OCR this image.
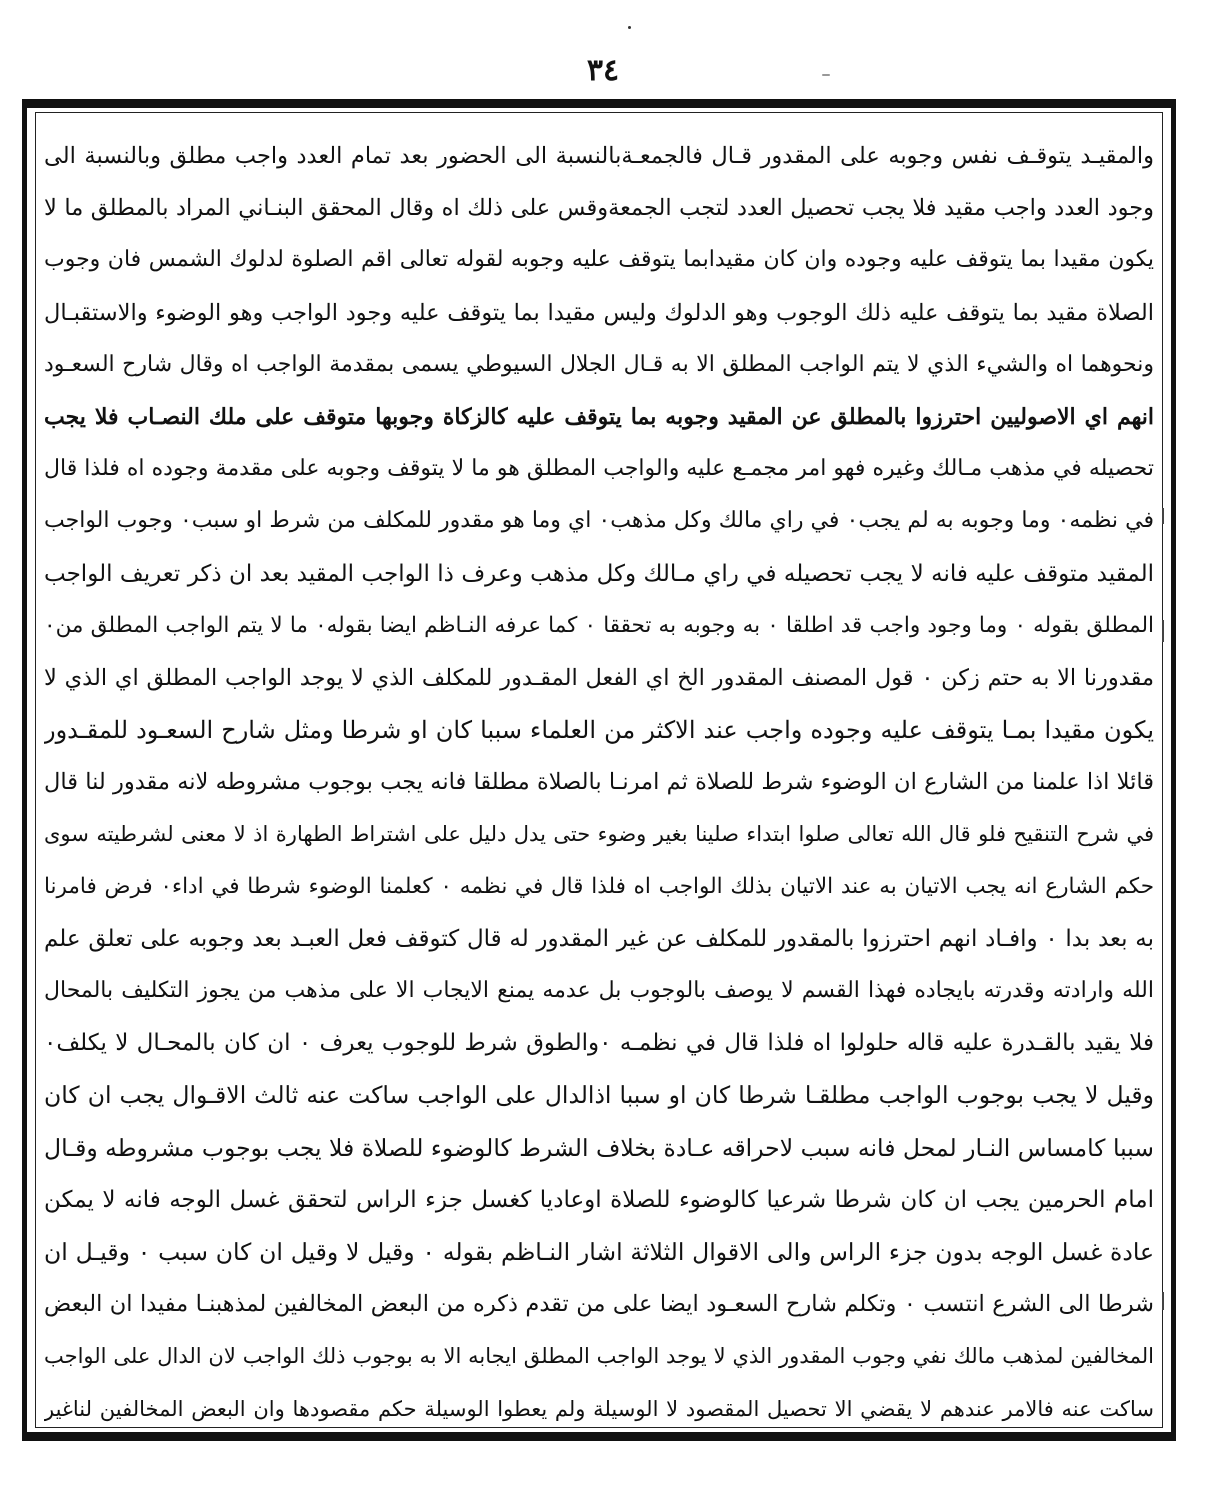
٣٤
والمقيـد يتوقـف نفس وجوبه على المقدور قـال فالجمعـةبالنسبة الى الحضور بعد تمام العدد واجب مطلق وبالنسبة الى
وجود العدد واجب مقيد فلا يجب تحصيل العدد لتجب الجمعةوقس على ذلك اه وقال المحقق البنـاني المراد بالمطلق ما لا
يكون مقيدا بما يتوقف عليه وجوده وان كان مقيدابما يتوقف عليه وجوبه لقوله تعالى اقم الصلوة لدلوك الشمس فان وجوب
الصلاة مقيد بما يتوقف عليه ذلك الوجوب وهو الدلوك وليس مقيدا بما يتوقف عليه وجود الواجب وهو الوضوء والاستقبـال
ونحوهما اه والشيء الذي لا يتم الواجب المطلق الا به قـال الجلال السيوطي يسمى بمقدمة الواجب اه وقال شارح السعـود
انهم اي الاصوليين احترزوا بالمطلق عن المقيد وجوبه بما يتوقف عليه كالزكاة وجوبها متوقف على ملك النصـاب فلا يجب
تحصيله في مذهب مـالك وغيره فهو امر مجمـع عليه والواجب المطلق هو ما لا يتوقف وجوبه على مقدمة وجوده اه فلذا قال
في نظمه٠ وما وجوبه به لم يجب٠ في راي مالك وكل مذهب٠ اي وما هو مقدور للمكلف من شرط او سبب٠ وجوب الواجب
المقيد متوقف عليه فانه لا يجب تحصيله في راي مـالك وكل مذهب وعرف ذا الواجب المقيد بعد ان ذكر تعريف الواجب
المطلق بقوله ٠ وما وجود واجب قد اطلقا ٠ به وجوبه به تحققا ٠ كما عرفه النـاظم ايضا بقوله٠ ما لا يتم الواجب المطلق من٠
مقدورنا الا به حتم زكن ٠ قول المصنف المقدور الخ اي الفعل المقـدور للمكلف الذي لا يوجد الواجب المطلق اي الذي لا
يكون مقيدا بمـا يتوقف عليه وجوده واجب عند الاكثر من العلماء سببا كان او شرطا ومثل شارح السعـود للمقـدور
قائلا اذا علمنا من الشارع ان الوضوء شرط للصلاة ثم امرنـا بالصلاة مطلقا فانه يجب بوجوب مشروطه لانه مقدور لنا قال
في شرح التنقيح فلو قال الله تعالى صلوا ابتداء صلينا بغير وضوء حتى يدل دليل على اشتراط الطهارة اذ لا معنى لشرطيته سوى
حكم الشارع انه يجب الاتيان به عند الاتيان بذلك الواجب اه فلذا قال في نظمه ٠ كعلمنا الوضوء شرطا في اداء٠ فرض فامرنا
به بعد بدا ٠ وافـاد انهم احترزوا بالمقدور للمكلف عن غير المقدور له قال كتوقف فعل العبـد بعد وجوبه على تعلق علم
الله وارادته وقدرته بايجاده فهذا القسم لا يوصف بالوجوب بل عدمه يمنع الايجاب الا على مذهب من يجوز التكليف بالمحال
فلا يقيد بالقـدرة عليه قاله حلولوا اه فلذا قال في نظمـه ٠والطوق شرط للوجوب يعرف ٠ ان كان بالمحـال لا يكلف٠
وقيل لا يجب بوجوب الواجب مطلقـا شرطا كان او سببا اذالدال على الواجب ساكت عنه ثالث الاقـوال يجب ان كان
سببا كامساس النـار لمحل فانه سبب لاحراقه عـادة بخلاف الشرط كالوضوء للصلاة فلا يجب بوجوب مشروطه وقـال
امام الحرمين يجب ان كان شرطا شرعيا كالوضوء للصلاة اوعاديا كغسل جزء الراس لتحقق غسل الوجه فانه لا يمكن
عادة غسل الوجه بدون جزء الراس والى الاقوال الثلاثة اشار النـاظم بقوله ٠ وقيل لا وقيل ان كان سبب ٠ وقيـل ان
شرطا الى الشرع انتسب ٠ وتكلم شارح السعـود ايضا على من تقدم ذكره من البعض المخالفين لمذهبنـا مفيدا ان البعض
المخالفين لمذهب مالك نفي وجوب المقدور الذي لا يوجد الواجب المطلق ايجابه الا به بوجوب ذلك الواجب لان الدال على الواجب
ساكت عنه فالامر عندهم لا يقضي الا تحصيل المقصود لا الوسيلة ولم يعطوا الوسيلة حكم مقصودها وان البعض المخالفين لناغير
